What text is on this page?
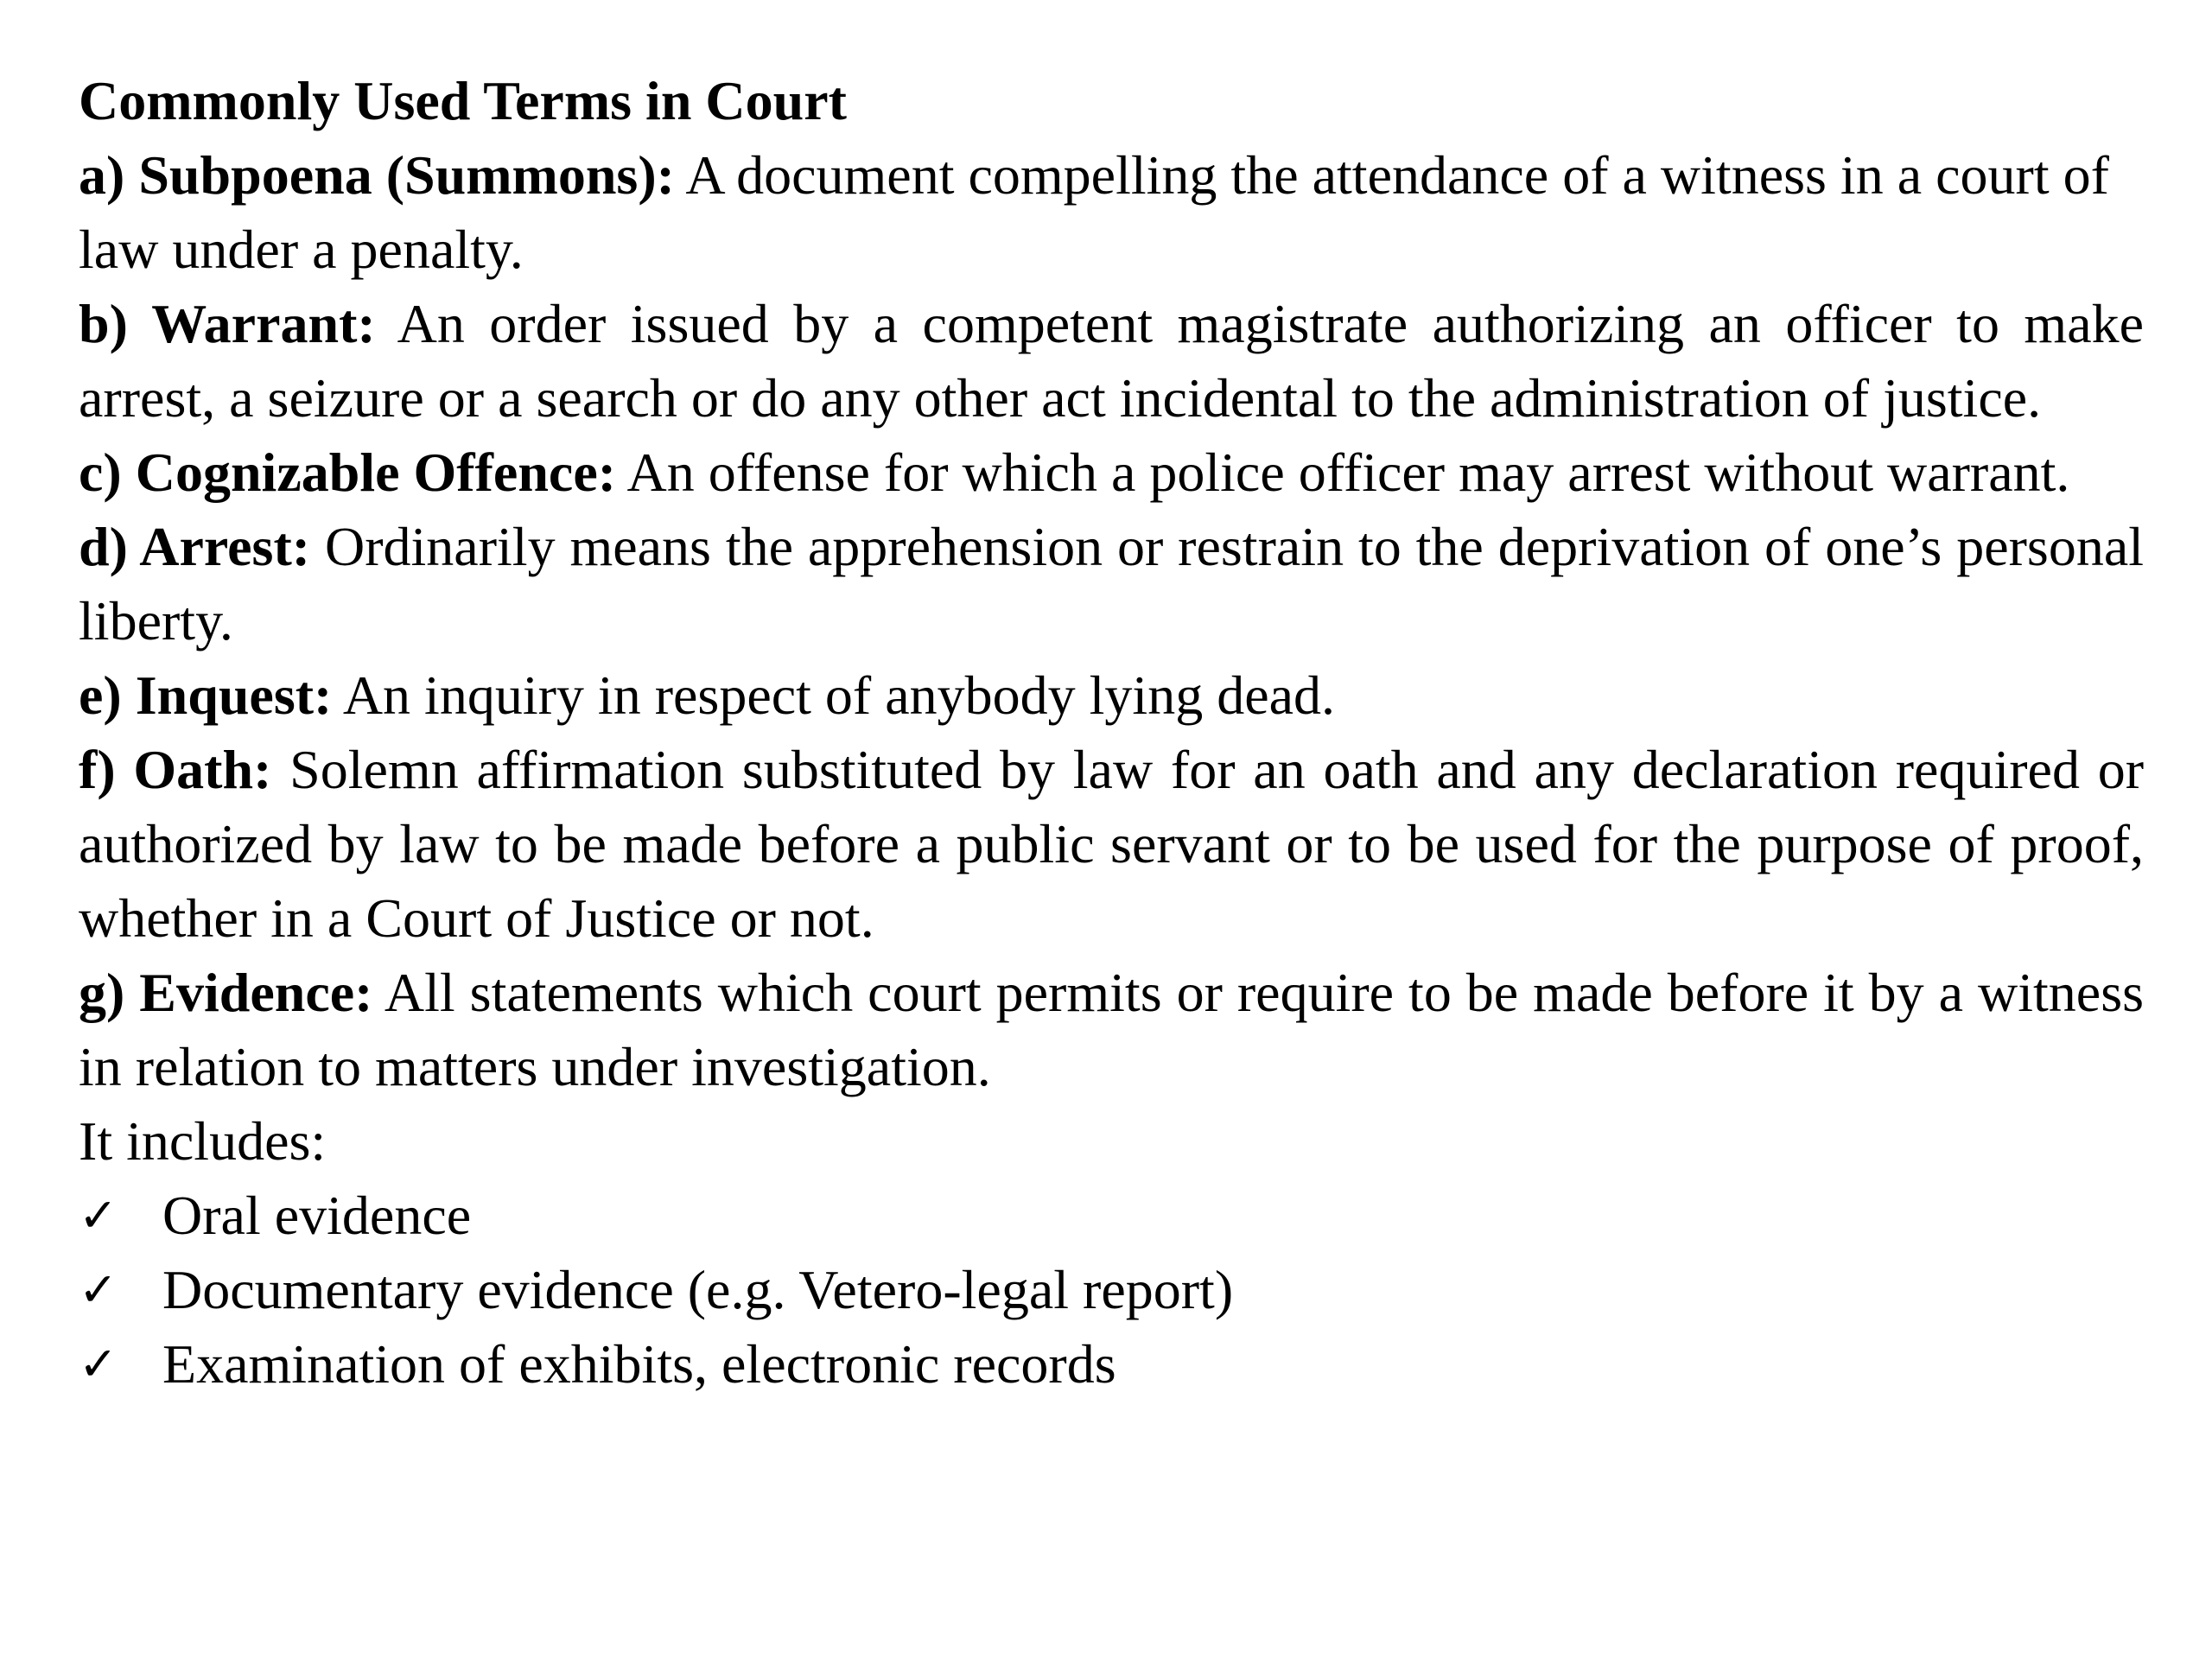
Commonly Used Terms in Court

a) Subpoena (Summons): A document compelling the attendance of a witness in a court of law under a penalty.

b) Warrant: An order issued by a competent magistrate authorizing an officer to make arrest, a seizure or a search or do any other act incidental to the administration of justice.

c) Cognizable Offence: An offense for which a police officer may arrest without warrant.

d) Arrest: Ordinarily means the apprehension or restrain to the deprivation of one’s personal liberty.

e) Inquest: An inquiry in respect of anybody lying dead.

f) Oath: Solemn affirmation substituted by law for an oath and any declaration required or authorized by law to be made before a public servant or to be used for the purpose of proof, whether in a Court of Justice or not.

g) Evidence: All statements which court permits or require to be made before it by a witness in relation to matters under investigation.

It includes:

✓ Oral evidence
✓ Documentary evidence (e.g. Vetero-legal report)
✓ Examination of exhibits, electronic records
